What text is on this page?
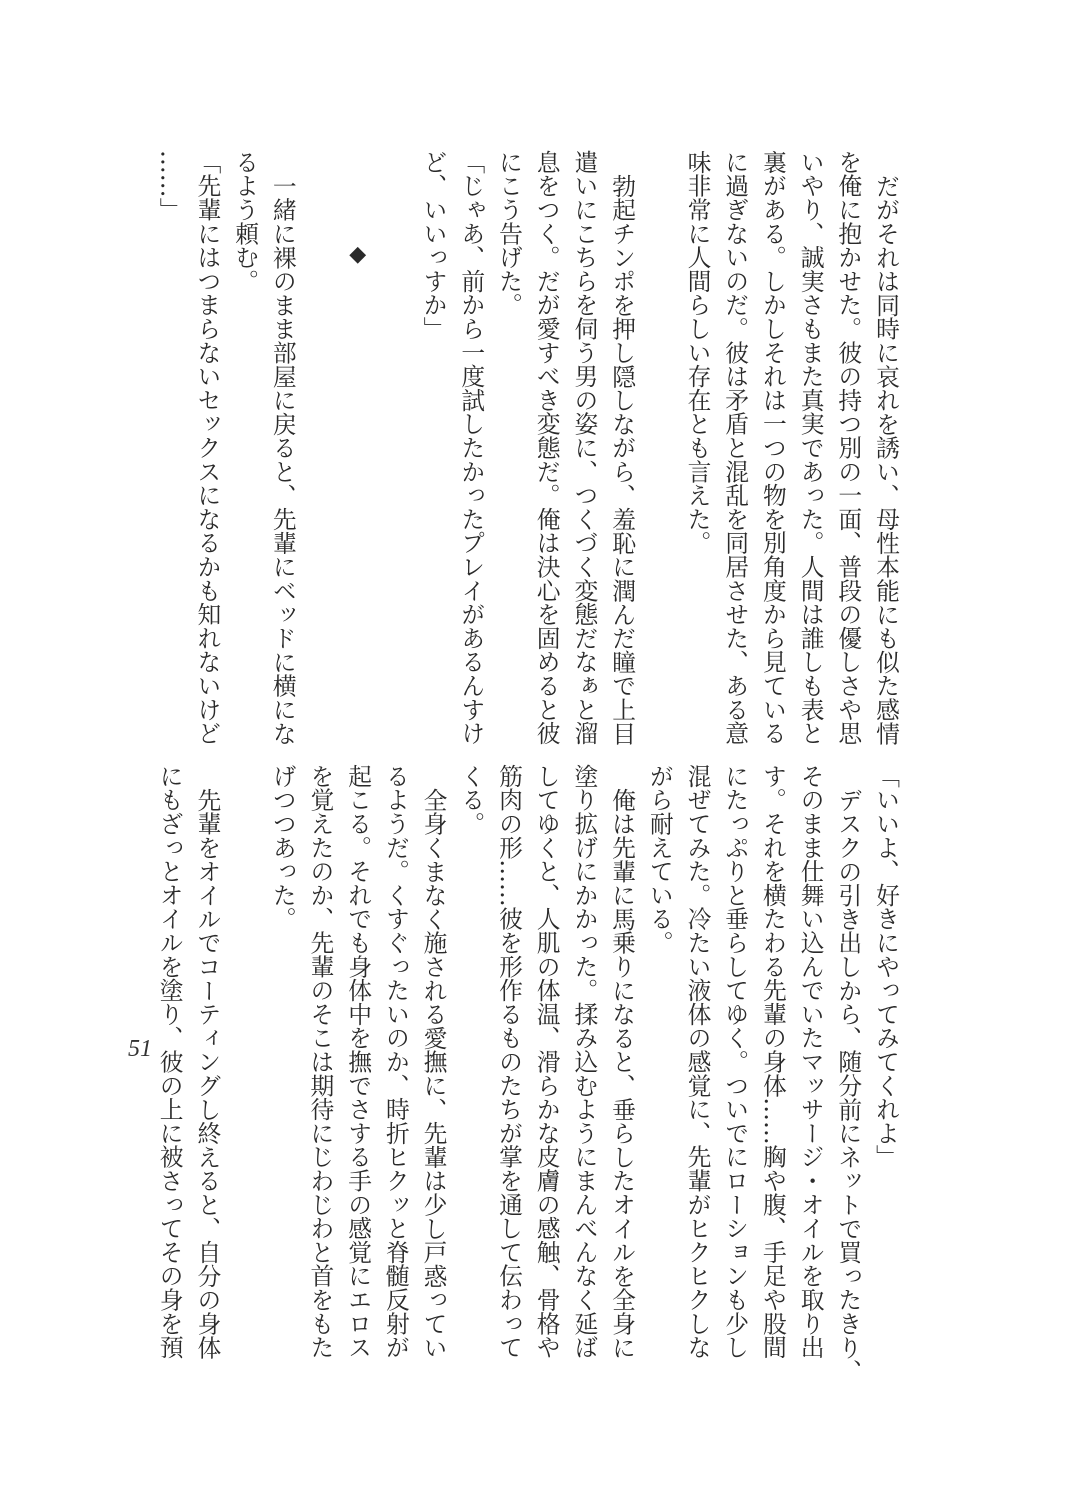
だがそれは同時に哀れを誘い、母性本能にも似た感情
を俺に抱かせた。彼の持つ別の一面、普段の優しさや思
いやり、誠実さもまた真実であった。人間は誰しも表と
裏がある。しかしそれは一つの物を別角度から見ている
に過ぎないのだ。彼は矛盾と混乱を同居させた、ある意
味非常に人間らしい存在とも言えた。
勃起チンポを押し隠しながら、羞恥に潤んだ瞳で上目
遣いにこちらを伺う男の姿に、つくづく変態だなぁと溜
息をつく。だが愛すべき変態だ。俺は決心を固めると彼
にこう告げた。
「じゃあ、前から一度試したかったプレイがあるんすけ
ど、いいっすか」
◆
一緒に裸のまま部屋に戻ると、先輩にベッドに横にな
るよう頼む。
「先輩にはつまらないセックスになるかも知れないけど
……」
「いいよ、好きにやってみてくれよ」
デスクの引き出しから、随分前にネットで買ったきり、
そのまま仕舞い込んでいたマッサージ・オイルを取り出
す。それを横たわる先輩の身体……胸や腹、手足や股間
にたっぷりと垂らしてゆく。ついでにローションも少し
混ぜてみた。冷たい液体の感覚に、先輩がヒクヒクしな
がら耐えている。
俺は先輩に馬乗りになると、垂らしたオイルを全身に
塗り拡げにかかった。揉み込むようにまんべんなく延ば
してゆくと、人肌の体温、滑らかな皮膚の感触、骨格や
筋肉の形……彼を形作るものたちが掌を通して伝わって
くる。
全身くまなく施される愛撫に、先輩は少し戸惑ってい
るようだ。くすぐったいのか、時折ヒクッと脊髄反射が
起こる。それでも身体中を撫でさする手の感覚にエロス
を覚えたのか、先輩のそこは期待にじわじわと首をもた
げつつあった。
先輩をオイルでコーティングし終えると、自分の身体
にもざっとオイルを塗り、彼の上に被さってその身を預
51
